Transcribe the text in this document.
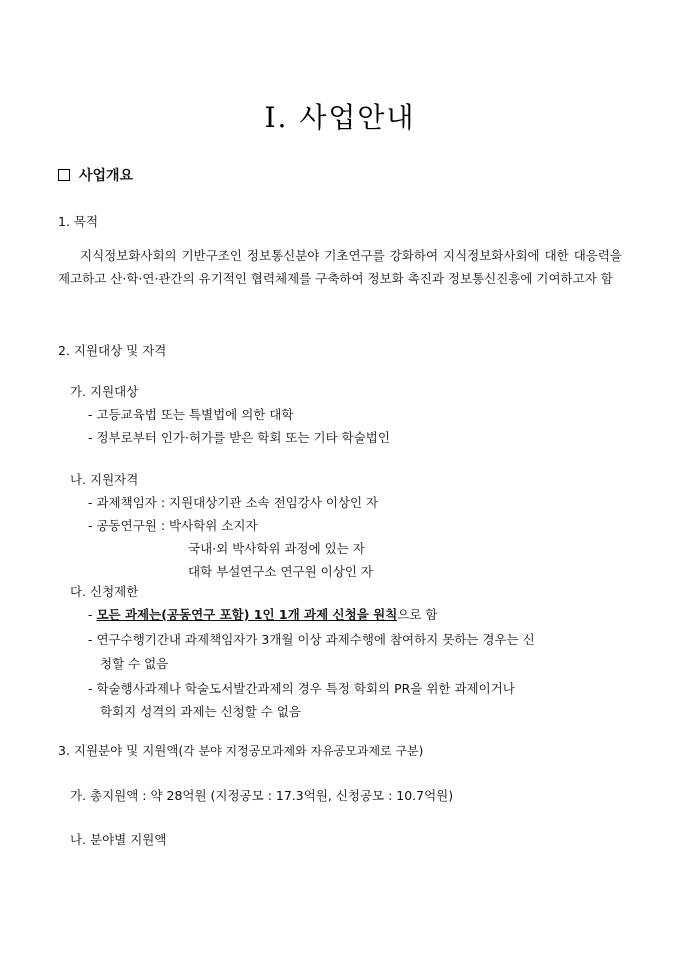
Ⅰ. 사업안내
사업개요
1. 목적
지식정보화사회의 기반구조인 정보통신분야 기초연구를 강화하여 지식정보화사회에 대한 대응력을 제고하고 산·학·연·관간의 유기적인 협력체제를 구축하여 정보화 촉진과 정보통신진흥에 기여하고자 함
2. 지원대상 및 자격
가. 지원대상
- 고등교육법 또는 특별법에 의한 대학
- 정부로부터 인가·허가를 받은 학회 또는 기타 학술법인
나. 지원자격
- 과제책임자 : 지원대상기관 소속 전임강사 이상인 자
- 공동연구원 : 박사학위 소지자
국내·외 박사학위 과정에 있는 자
대학 부설연구소 연구원 이상인 자
다. 신청제한
- 모든 과제는(공동연구 포함) 1인 1개 과제 신청을 원칙으로 함
- 연구수행기간내 과제책임자가 3개월 이상 과제수행에 참여하지 못하는 경우는 신
청할 수 없음
- 학술행사과제나 학술도서발간과제의 경우 특정 학회의 PR을 위한 과제이거나
학회지 성격의 과제는 신청할 수 없음
3. 지원분야 및 지원액(각 분야 지정공모과제와 자유공모과제로 구분)
가. 총지원액 : 약 28억원 (지정공모 : 17.3억원, 신청공모 : 10.7억원)
나. 분야별 지원액
